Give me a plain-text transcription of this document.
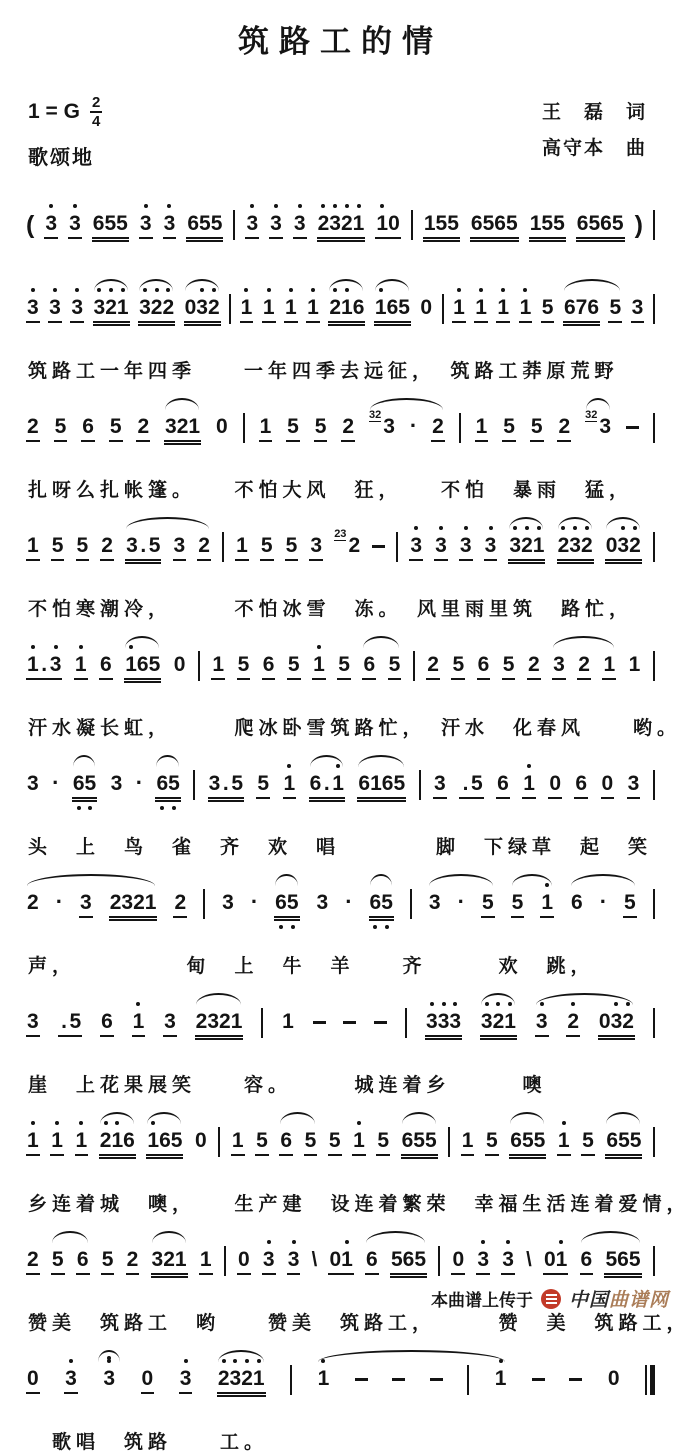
筑路工的情
1 = G $\frac{2}{4}$
歌颂地
王　磊　词
高守本　曲
( 3 3 6 5 5 3 3 6 5 5 3 3 3 2 3 2 1 1 0 1 5 5 6 5 6 5 1 5 5 6 5 6 5 )
3 3 3 3 2 1 3 2 2 0 3 2 1 1 1 1 2 1 6 1 6 5 0 1 1 1 1 5 6 7 6 5 3
筑路工一年四季　　一年四季去远征，　筑路工莽原荒野
2 5 6 5 2 3 2 1 0 1 5 5 2 32 3 · 2 1 5 5 2 32 3
扎呀么扎帐篷。　　不怕大风　狂，　　不怕　暴雨　猛，
1 5 5 2 3 . 5 3 2 1 5 5 3 23 2 3 3 3 3 3 2 1 2 3 2 0 3 2
不怕寒潮冷，　　　不怕冰雪　冻。　风里雨里筑　路忙，
1 . 3 1 6 1 6 5 0 1 5 6 5 1 5 6 5 2 5 6 5 2 3 2 1 1
汗水凝长虹，　　　爬冰卧雪筑路忙，　汗水　化春风　　哟。
3 · 6 5 3 · 6 5 3 . 5 5 1 6 . 1 6 1 6 5 3 . 5 6 1 0 6 0 3
头　上　鸟　雀　齐　欢　唱　　　　脚　下绿草　起　笑
2 · 3 2 3 2 1 2 3 · 6 5 3 · 6 5 3 · 5 5 1 6 · 5
声，　　　　　甸　上　牛　羊　　齐　　　欢　跳，
3 . 5 6 1 3 2 3 2 1 1	3 3 3 3 2 1 3 2 0 3 2
崖　上花果展笑　　容。　　　城连着乡　　　噢
1 1 1 2 1 6 1 6 5 0 1 5 6 5 5 1 5 6 5 5 1 5 6 5 5 1 5 6 5 5
乡连着城　噢，　　生产建　设连着繁荣　幸福生活连着爱情，
2 5 6 5 2 3 2 1 1 0 3 3 \ 0 1 6 5 6 5 0 3 3 \ 0 1 6 5 6 5
赞美　筑路工　哟　　赞美　筑路工，　　　赞　美　筑路工，
0 3 3 0 3 2 3 2 1	1	1	0
　歌唱　筑路　　工。
本曲谱上传于 中国曲谱网
